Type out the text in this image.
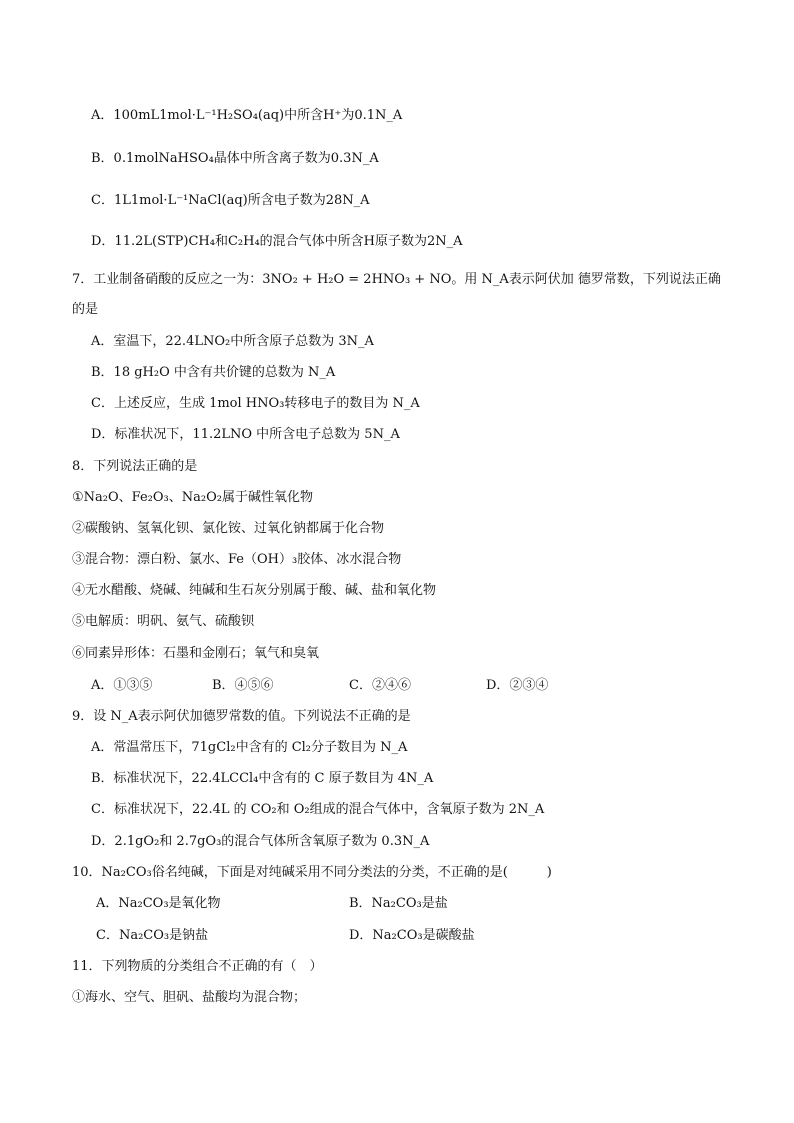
A．100mL1mol·L⁻¹H₂SO₄(aq)中所含H⁺为0.1N_A
B．0.1molNaHSO₄晶体中所含离子数为0.3N_A
C．1L1mol·L⁻¹NaCl(aq)所含电子数为28N_A
D．11.2L(STP)CH₄和C₂H₄的混合气体中所含H原子数为2N_A
7．工业制备硝酸的反应之一为：3NO₂ + H₂O = 2HNO₃ + NO。用 N_A表示阿伏加 德罗常数，下列说法正确
的是
A．室温下，22.4LNO₂中所含原子总数为 3N_A
B．18 gH₂O 中含有共价键的总数为 N_A
C．上述反应，生成 1mol HNO₃转移电子的数目为 N_A
D．标准状况下，11.2LNO 中所含电子总数为 5N_A
8．下列说法正确的是
①Na₂O、Fe₂O₃、Na₂O₂属于碱性氧化物
②碳酸钠、氢氧化钡、氯化铵、过氧化钠都属于化合物
③混合物：漂白粉、氯水、Fe（OH）₃胶体、冰水混合物
④无水醋酸、烧碱、纯碱和生石灰分别属于酸、碱、盐和氧化物
⑤电解质：明矾、氨气、硫酸钡
⑥同素异形体：石墨和金刚石；氧气和臭氧
A．①③⑤	B．④⑤⑥	C．②④⑥	D．②③④
9．设 N_A表示阿伏加德罗常数的值。下列说法不正确的是
A．常温常压下，71gCl₂中含有的 Cl₂分子数目为 N_A
B．标准状况下，22.4LCCl₄中含有的 C 原子数目为 4N_A
C．标准状况下，22.4L 的 CO₂和 O₂组成的混合气体中，含氧原子数为 2N_A
D．2.1gO₂和 2.7gO₃的混合气体所含氧原子数为 0.3N_A
10．Na₂CO₃俗名纯碱，下面是对纯碱采用不同分类法的分类，不正确的是(　　　)
A．Na₂CO₃是氧化物	B．Na₂CO₃是盐
C．Na₂CO₃是钠盐	D．Na₂CO₃是碳酸盐
11．下列物质的分类组合不正确的有（　）
①海水、空气、胆矾、盐酸均为混合物；
